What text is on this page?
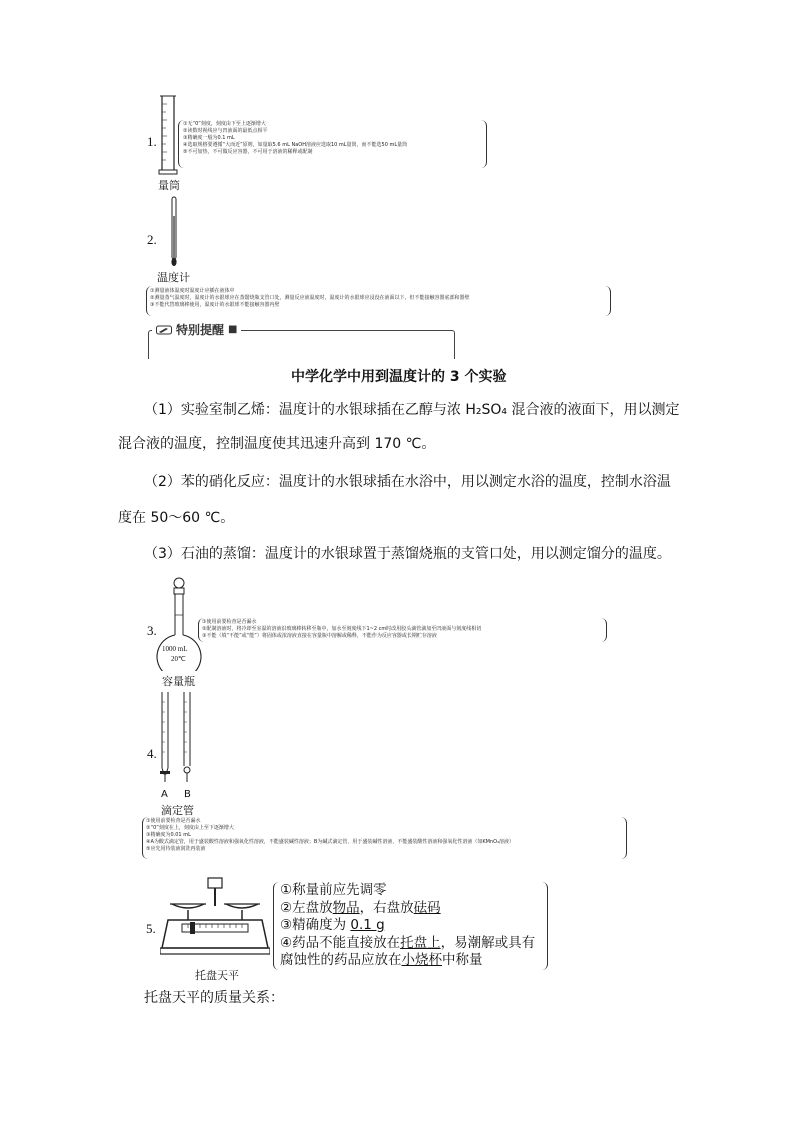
1.
量筒
①无“0”刻度，刻度由下至上逐渐增大
②读数时视线应与凹液面的最低点相平
③精确度一般为0.1 mL
④选取规格要遵循“大而近”原则，如量取5.6 mL NaOH溶液应选取10 mL量筒，而不能选50 mL量筒
⑤不可加热，不可做反应容器，不可用于溶液的稀释或配制
2.
温度计
①测量液体温度时温度计应插在液体中
②测量蒸气温度时，温度计的水银球应在蒸馏烧瓶支管口处，测量反应液温度时，温度计的水银球应浸没在液面以下，但不能接触容器底部和器壁
③不能代替玻璃棒使用，温度计的水银球不能接触容器内壁
特别提醒 ■
中学化学中用到温度计的 3 个实验
（1）实验室制乙烯：温度计的水银球插在乙醇与浓 H₂SO₄ 混合液的液面下，用以测定
混合液的温度，控制温度使其迅速升高到 170 ℃。
（2）苯的硝化反应：温度计的水银球插在水浴中，用以测定水浴的温度，控制水浴温
度在 50～60 ℃。
（3）石油的蒸馏：温度计的水银球置于蒸馏烧瓶的支管口处，用以测定馏分的温度。
1000 mL
20℃
3.
容量瓶
①使用前要检查是否漏水
②配制溶液时，将冷却至室温的溶液沿玻璃棒转移至瓶中，加水至刻度线下1~2 cm时改用胶头滴管滴加至凹液面与刻度线相切
③不能（填“不能”或“能”）将固体或浓溶液直接在容量瓶中溶解或稀释，不能作为反应容器或长期贮存溶液
4.
A B
滴定管
①使用前要检查是否漏水
②“0”刻度在上，刻度由上至下逐渐增大
③精确度为0.01 mL
④A为酸式滴定管，用于盛装酸性溶液和强氧化性溶液，不能盛装碱性溶液；B为碱式滴定管，用于盛装碱性溶液，不能盛装酸性溶液和强氧化性溶液（如KMnO₄溶液）
⑤应先用待装液润洗再装液
5.
托盘天平
①称量前应先调零
②左盘放物品，右盘放砝码
③精确度为 0.1 g
④药品不能直接放在托盘上，易潮解或具有
腐蚀性的药品应放在小烧杯中称量
托盘天平的质量关系：
